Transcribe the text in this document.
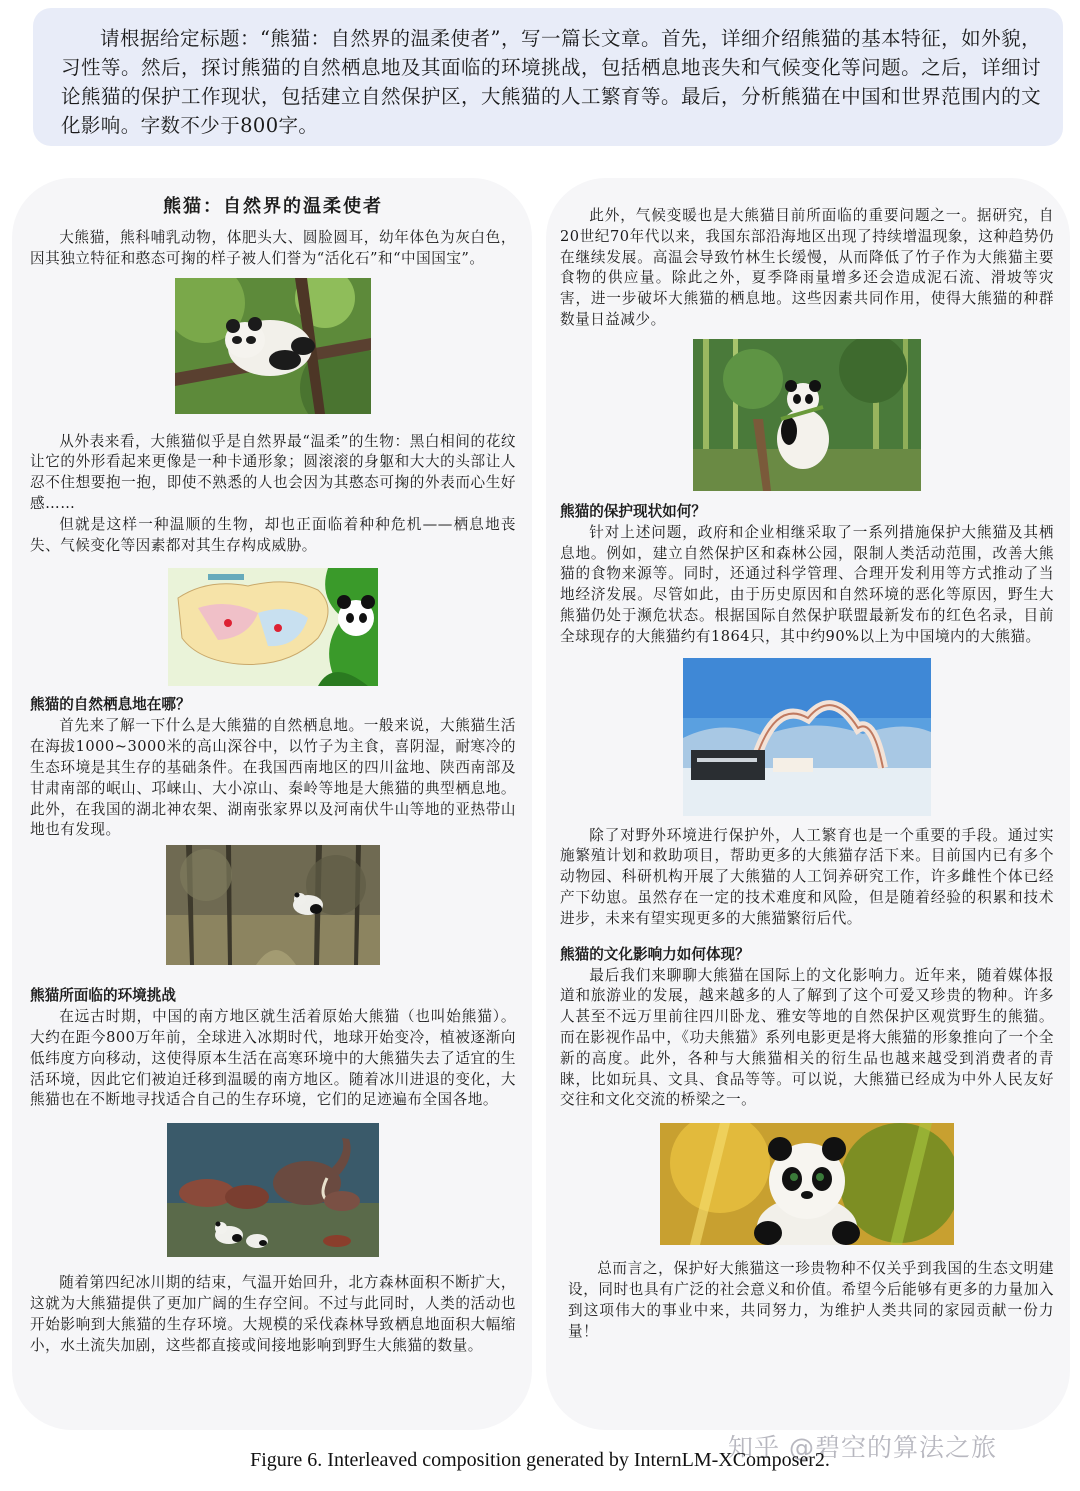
请根据给定标题：“熊猫：自然界的温柔使者”，写一篇长文章。首先，详细介绍熊猫的基本特征，如外貌，习性等。然后，探讨熊猫的自然栖息地及其面临的环境挑战，包括栖息地丧失和气候变化等问题。之后，详细讨论熊猫的保护工作现状，包括建立自然保护区，大熊猫的人工繁育等。最后，分析熊猫在中国和世界范围内的文化影响。字数不少于800字。
熊猫：自然界的温柔使者

大熊猫，熊科哺乳动物，体肥头大、圆脸圆耳，幼年体色为灰白色，因其独立特征和憨态可掬的样子被人们誉为“活化石”和“中国国宝”。

从外表来看，大熊猫似乎是自然界最“温柔”的生物：黑白相间的花纹让它的外形看起来更像是一种卡通形象；圆滚滚的身躯和大大的头部让人忍不住想要抱一抱，即使不熟悉的人也会因为其憨态可掬的外表而心生好感……

但就是这样一种温顺的生物，却也正面临着种种危机——栖息地丧失、气候变化等因素都对其生存构成威胁。

熊猫的自然栖息地在哪？

首先来了解一下什么是大熊猫的自然栖息地。一般来说，大熊猫生活在海拔1000~3000米的高山深谷中，以竹子为主食，喜阴湿，耐寒冷的生态环境是其生存的基础条件。在我国西南地区的四川盆地、陕西南部及甘肃南部的岷山、邛崃山、大小凉山、秦岭等地是大熊猫的典型栖息地。此外，在我国的湖北神农架、湖南张家界以及河南伏牛山等地的亚热带山地也有发现。

熊猫所面临的环境挑战

在远古时期，中国的南方地区就生活着原始大熊猫（也叫始熊猫）。大约在距今800万年前，全球进入冰期时代，地球开始变冷，植被逐渐向低纬度方向移动，这使得原本生活在高寒环境中的大熊猫失去了适宜的生活环境，因此它们被迫迁移到温暖的南方地区。随着冰川进退的变化，大熊猫也在不断地寻找适合自己的生存环境，它们的足迹遍布全国各地。

随着第四纪冰川期的结束，气温开始回升，北方森林面积不断扩大，这就为大熊猫提供了更加广阔的生存空间。不过与此同时，人类的活动也开始影响到大熊猫的生存环境。大规模的采伐森林导致栖息地面积大幅缩小，水土流失加剧，这些都直接或间接地影响到野生大熊猫的数量。

此外，气候变暖也是大熊猫目前所面临的重要问题之一。据研究，自20世纪70年代以来，我国东部沿海地区出现了持续增温现象，这种趋势仍在继续发展。高温会导致竹林生长缓慢，从而降低了竹子作为大熊猫主要食物的供应量。除此之外，夏季降雨量增多还会造成泥石流、滑坡等灾害，进一步破坏大熊猫的栖息地。这些因素共同作用，使得大熊猫的种群数量日益减少。

熊猫的保护现状如何？

针对上述问题，政府和企业相继采取了一系列措施保护大熊猫及其栖息地。例如，建立自然保护区和森林公园，限制人类活动范围，改善大熊猫的食物来源等。同时，还通过科学管理、合理开发利用等方式推动了当地经济发展。尽管如此，由于历史原因和自然环境的恶化等原因，野生大熊猫仍处于濒危状态。根据国际自然保护联盟最新发布的红色名录，目前全球现存的大熊猫约有1864只，其中约90%以上为中国境内的大熊猫。

除了对野外环境进行保护外，人工繁育也是一个重要的手段。通过实施繁殖计划和救助项目，帮助更多的大熊猫存活下来。目前国内已有多个动物园、科研机构开展了大熊猫的人工饲养研究工作，许多雌性个体已经产下幼崽。虽然存在一定的技术难度和风险，但是随着经验的积累和技术进步，未来有望实现更多的大熊猫繁衍后代。

熊猫的文化影响力如何体现？

最后我们来聊聊大熊猫在国际上的文化影响力。近年来，随着媒体报道和旅游业的发展，越来越多的人了解到了这个可爱又珍贵的物种。许多人甚至不远万里前往四川卧龙、雅安等地的自然保护区观赏野生的熊猫。而在影视作品中，《功夫熊猫》系列电影更是将大熊猫的形象推向了一个全新的高度。此外，各种与大熊猫相关的衍生品也越来越受到消费者的青睐，比如玩具、文具、食品等等。可以说，大熊猫已经成为中外人民友好交往和文化交流的桥梁之一。

总而言之，保护好大熊猫这一珍贵物种不仅关乎到我国的生态文明建设，同时也具有广泛的社会意义和价值。希望今后能够有更多的力量加入到这项伟大的事业中来，共同努力，为维护人类共同的家园贡献一份力量！

知乎 @碧空的算法之旅
Figure 6. Interleaved composition generated by InternLM-XComposer2.
